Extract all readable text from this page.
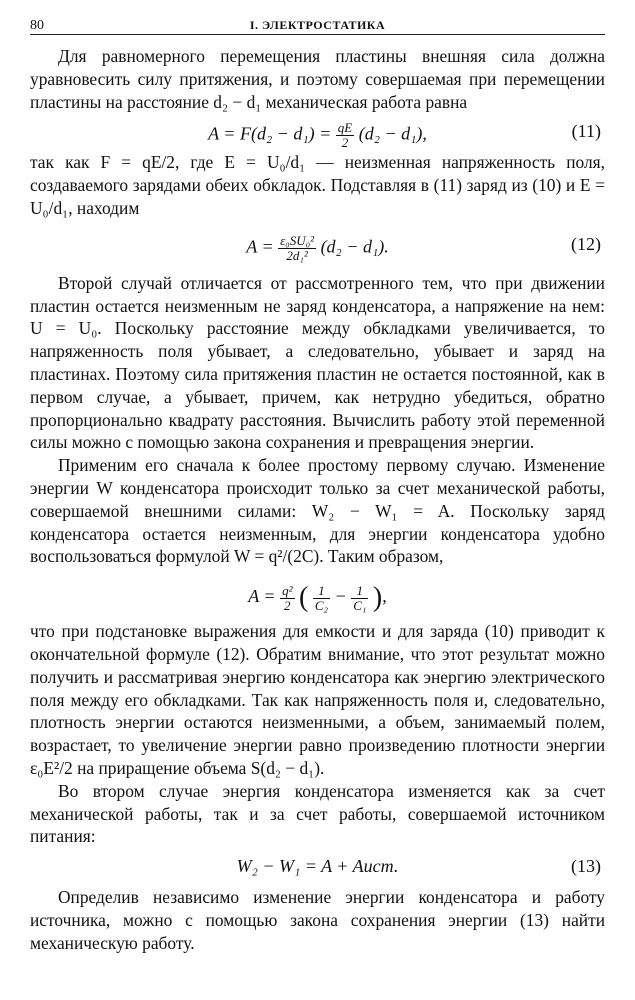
80	I. ЭЛЕКТРОСТАТИКА

Для равномерного перемещения пластины внешняя сила должна уравновесить силу притяжения, и поэтому совершаемая при перемещении пластины на расстояние d₂ − d₁ механическая работа равна

$A = F(d_2 - d_1) = \frac{qE}{2} (d_2 - d_1)$,	(11)

так как F = qE/2, где E = U₀/d₁ — неизменная напряженность поля, создаваемого зарядами обеих обкладок. Подставляя в (11) заряд из (10) и E = U₀/d₁, находим

$A = \frac{\text{ε₀SU₀²}}{\text{2d₁²}} (d_2 - d_1)$.	(12)

Второй случай отличается от рассмотренного тем, что при движении пластин остается неизменным не заряд конденсатора, а напряжение на нем: U = U₀. Поскольку расстояние между обкладками увеличивается, то напряженность поля убывает, а следовательно, убывает и заряд на пластинах. Поэтому сила притяжения пластин не остается постоянной, как в первом случае, а убывает, причем, как нетрудно убедиться, обратно пропорционально квадрату расстояния. Вычислить работу этой переменной силы можно с помощью закона сохранения и превращения энергии.

Применим его сначала к более простому первому случаю. Изменение энергии W конденсатора происходит только за счет механической работы, совершаемой внешними силами: W₂ − W₁ = A. Поскольку заряд конденсатора остается неизменным, для энергии конденсатора удобно воспользоваться формулой W = q²/(2C). Таким образом,

$A = \frac{\text{q²}}{2}$ ( $\frac{1}{\text{C₂}} - \frac{1}{\text{C₁}}$ ),

что при подстановке выражения для емкости и для заряда (10) приводит к окончательной формуле (12). Обратим внимание, что этот результат можно получить и рассматривая энергию конденсатора как энергию электрического поля между его обкладками. Так как напряженность поля и, следовательно, плотность энергии остаются неизменными, а объем, занимаемый полем, возрастает, то увеличение энергии равно произведению плотности энергии ε₀E²/2 на приращение объема S(d₂ − d₁).

Во втором случае энергия конденсатора изменяется как за счет механической работы, так и за счет работы, совершаемой источником питания:

W₂ − W₁ = A + Aист.	(13)

Определив независимо изменение энергии конденсатора и работу источника, можно с помощью закона сохранения энергии (13) найти механическую работу.
